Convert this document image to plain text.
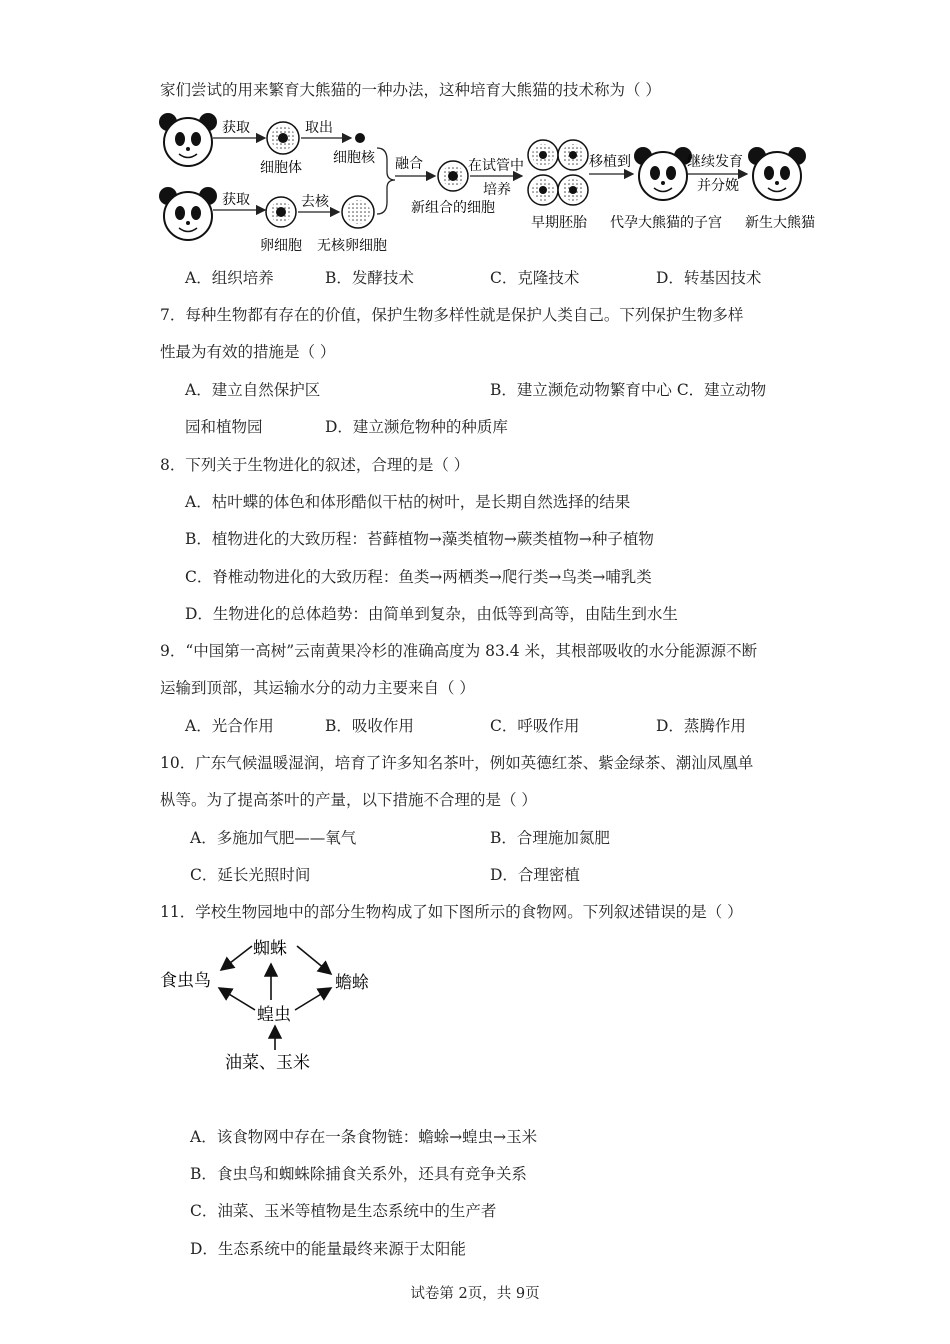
家们尝试的用来繁育大熊猫的一种办法，这种培育大熊猫的技术称为（ ）
获取
细胞体
取出
细胞核
获取
卵细胞
去核
无核卵细胞
融合
新组合的细胞
在试管中
培养
早期胚胎
移植到
代孕大熊猫的子宫
继续发育
并分娩
新生大熊猫
A．组织培养	B．发酵技术	C．克隆技术	D．转基因技术
7．每种生物都有存在的价值，保护生物多样性就是保护人类自己。下列保护生物多样
性最为有效的措施是（ ）
A．建立自然保护区	B．建立濒危动物繁育中心 C．建立动物
园和植物园	D．建立濒危物种的种质库
8．下列关于生物进化的叙述，合理的是（ ）
A．枯叶蝶的体色和体形酷似干枯的树叶，是长期自然选择的结果
B．植物进化的大致历程：苔藓植物→藻类植物→蕨类植物→种子植物
C．脊椎动物进化的大致历程：鱼类→两栖类→爬行类→鸟类→哺乳类
D．生物进化的总体趋势：由简单到复杂，由低等到高等，由陆生到水生
9．“中国第一高树”云南黄果冷杉的准确高度为 83.4 米，其根部吸收的水分能源源不断
运输到顶部，其运输水分的动力主要来自（ ）
A．光合作用	B．吸收作用	C．呼吸作用	D．蒸腾作用
10．广东气候温暖湿润，培育了许多知名茶叶，例如英德红茶、紫金绿茶、潮汕凤凰单
枞等。为了提高茶叶的产量，以下措施不合理的是（ ）
A．多施加气肥——氧气	B．合理施加氮肥
C．延长光照时间	D．合理密植
11．学校生物园地中的部分生物构成了如下图所示的食物网。下列叙述错误的是（ ）
蜘蛛
食虫鸟	蟾蜍
蝗虫
油菜、玉米
A．该食物网中存在一条食物链：蟾蜍→蝗虫→玉米
B．食虫鸟和蜘蛛除捕食关系外，还具有竞争关系
C．油菜、玉米等植物是生态系统中的生产者
D．生态系统中的能量最终来源于太阳能
试卷第 2页，共 9页
